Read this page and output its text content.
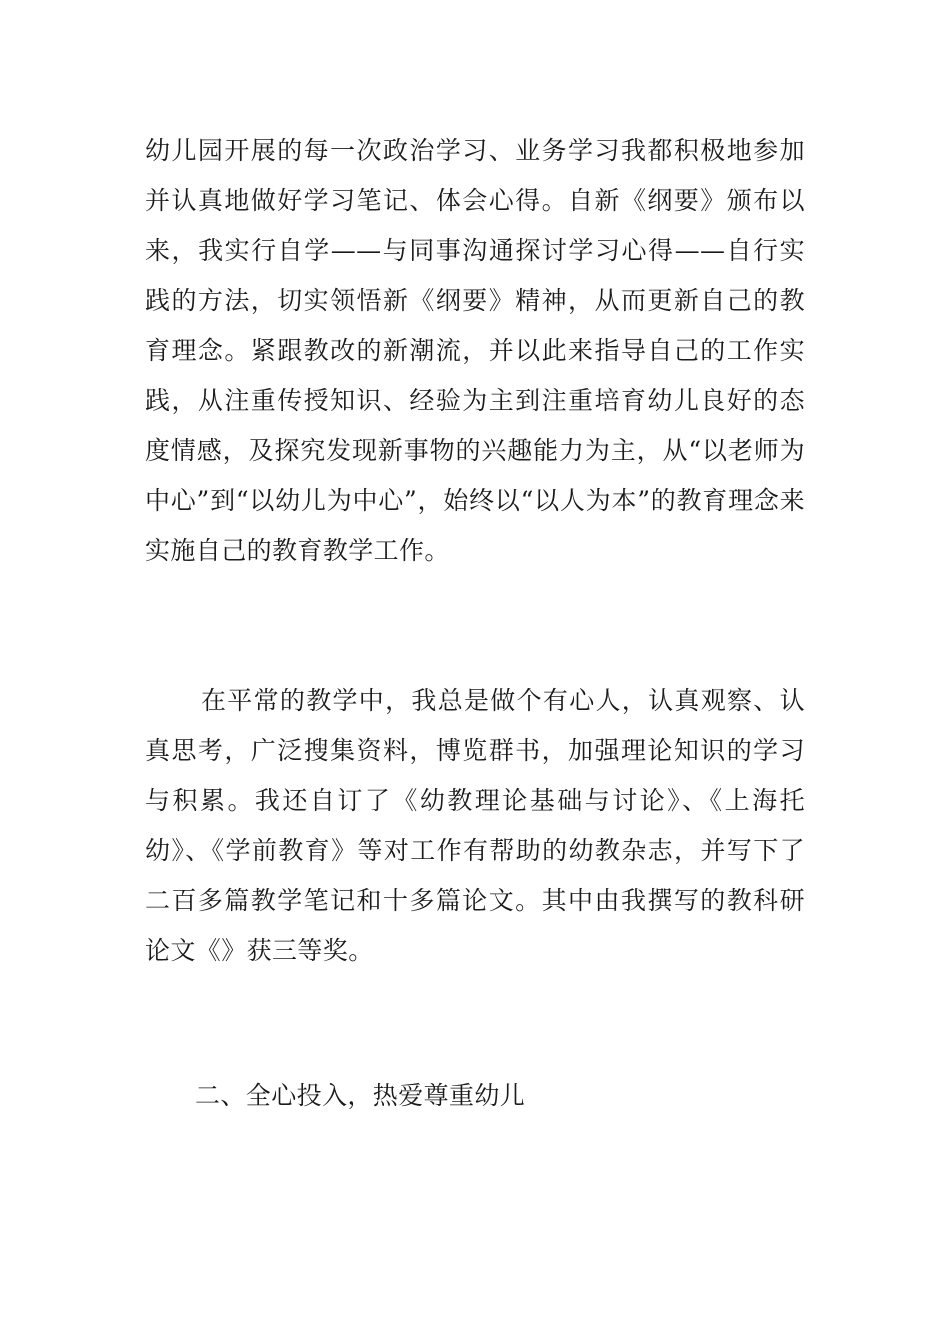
幼儿园开展的每一次政治学习、业务学习我都积极地参加并认真地做好学习笔记、体会心得。自新《纲要》颁布以来，我实行自学——与同事沟通探讨学习心得——自行实践的方法，切实领悟新《纲要》精神，从而更新自己的教育理念。紧跟教改的新潮流，并以此来指导自己的工作实践，从注重传授知识、经验为主到注重培育幼儿良好的态度情感，及探究发现新事物的兴趣能力为主，从“以老师为中心”到“以幼儿为中心”，始终以“以人为本”的教育理念来实施自己的教育教学工作。

在平常的教学中，我总是做个有心人，认真观察、认真思考，广泛搜集资料，博览群书，加强理论知识的学习与积累。我还自订了《幼教理论基础与讨论》、《上海托幼》、《学前教育》等对工作有帮助的幼教杂志，并写下了二百多篇教学笔记和十多篇论文。其中由我撰写的教科研论文《》获三等奖。

二、全心投入，热爱尊重幼儿
